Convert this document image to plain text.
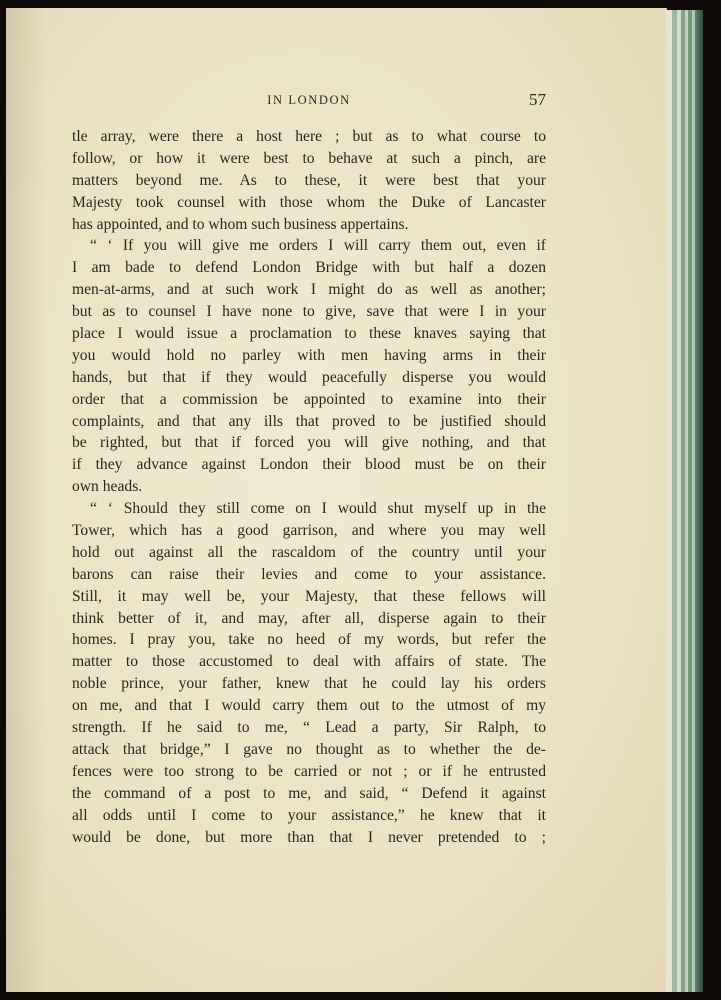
IN LONDON	57
tle array, were there a host here ; but as to what course to
follow, or how it were best to behave at such a pinch, are
matters beyond me. As to these, it were best that your
Majesty took counsel with those whom the Duke of Lancaster
has appointed, and to whom such business appertains.
“ ‘ If you will give me orders I will carry them out, even if
I am bade to defend London Bridge with but half a dozen
men-at-arms, and at such work I might do as well as another;
but as to counsel I have none to give, save that were I in your
place I would issue a proclamation to these knaves saying that
you would hold no parley with men having arms in their
hands, but that if they would peacefully disperse you would
order that a commission be appointed to examine into their
complaints, and that any ills that proved to be justified should
be righted, but that if forced you will give nothing, and that
if they advance against London their blood must be on their
own heads.
“ ‘ Should they still come on I would shut myself up in the
Tower, which has a good garrison, and where you may well
hold out against all the rascaldom of the country until your
barons can raise their levies and come to your assistance.
Still, it may well be, your Majesty, that these fellows will
think better of it, and may, after all, disperse again to their
homes. I pray you, take no heed of my words, but refer the
matter to those accustomed to deal with affairs of state. The
noble prince, your father, knew that he could lay his orders
on me, and that I would carry them out to the utmost of my
strength. If he said to me, “ Lead a party, Sir Ralph, to
attack that bridge,” I gave no thought as to whether the de-
fences were too strong to be carried or not ; or if he entrusted
the command of a post to me, and said, “ Defend it against
all odds until I come to your assistance,” he knew that it
would be done, but more than that I never pretended to ;
